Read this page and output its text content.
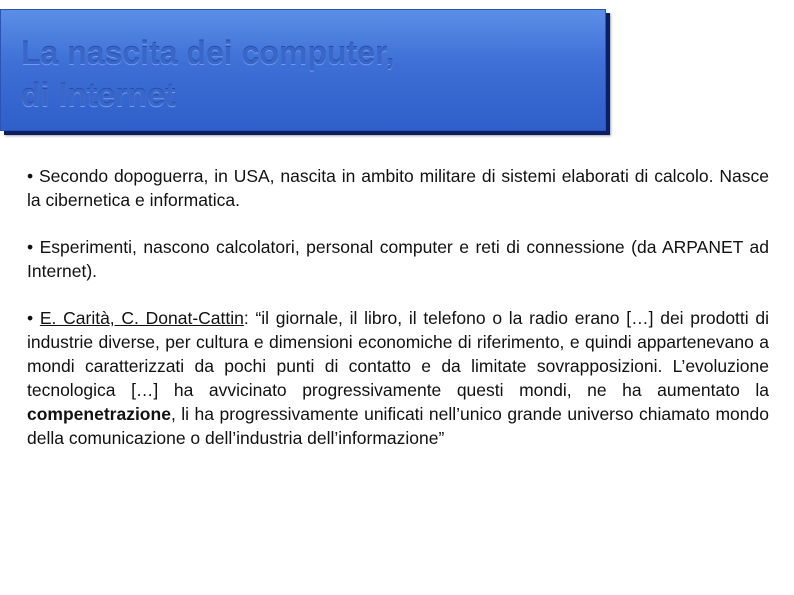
La nascita dei computer,
di Internet

• Secondo dopoguerra, in USA, nascita in ambito militare di sistemi elaborati di calcolo. Nasce la cibernetica e informatica.

• Esperimenti, nascono calcolatori, personal computer e reti di connessione (da ARPANET ad Internet).

• E. Carità, C. Donat-Cattin: “il giornale, il libro, il telefono o la radio erano […] dei prodotti di industrie diverse, per cultura e dimensioni economiche di riferimento, e quindi appartenevano a mondi caratterizzati da pochi punti di contatto e da limitate sovrapposizioni. L’evoluzione tecnologica […] ha avvicinato progressivamente questi mondi, ne ha aumentato la compenetrazione, li ha progressivamente unificati nell’unico grande universo chiamato mondo della comunicazione o dell’industria dell’informazione”
